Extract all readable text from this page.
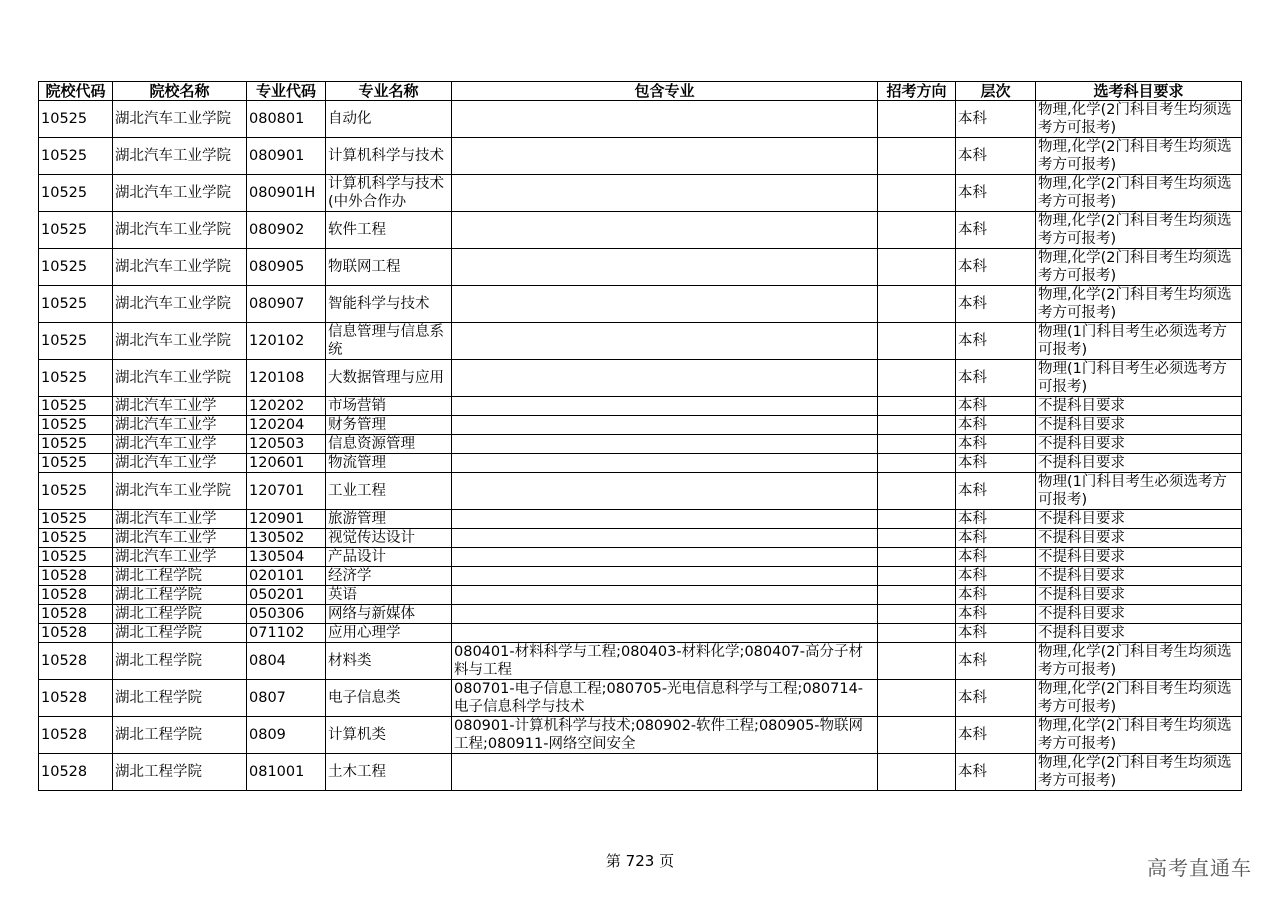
院校代码	院校名称	专业代码	专业名称	包含专业	招考方向	层次	选考科目要求
10525	湖北汽车工业学院	080801	自动化			本科	物理,化学(2门科目考生均须选考方可报考)
10525	湖北汽车工业学院	080901	计算机科学与技术			本科	物理,化学(2门科目考生均须选考方可报考)
10525	湖北汽车工业学院	080901H	计算机科学与技术(中外合作办			本科	物理,化学(2门科目考生均须选考方可报考)
10525	湖北汽车工业学院	080902	软件工程			本科	物理,化学(2门科目考生均须选考方可报考)
10525	湖北汽车工业学院	080905	物联网工程			本科	物理,化学(2门科目考生均须选考方可报考)
10525	湖北汽车工业学院	080907	智能科学与技术			本科	物理,化学(2门科目考生均须选考方可报考)
10525	湖北汽车工业学院	120102	信息管理与信息系统			本科	物理(1门科目考生必须选考方可报考)
10525	湖北汽车工业学院	120108	大数据管理与应用			本科	物理(1门科目考生必须选考方可报考)
10525	湖北汽车工业学	120202	市场营销			本科	不提科目要求
10525	湖北汽车工业学	120204	财务管理			本科	不提科目要求
10525	湖北汽车工业学	120503	信息资源管理			本科	不提科目要求
10525	湖北汽车工业学	120601	物流管理			本科	不提科目要求
10525	湖北汽车工业学院	120701	工业工程			本科	物理(1门科目考生必须选考方可报考)
10525	湖北汽车工业学	120901	旅游管理			本科	不提科目要求
10525	湖北汽车工业学	130502	视觉传达设计			本科	不提科目要求
10525	湖北汽车工业学	130504	产品设计			本科	不提科目要求
10528	湖北工程学院	020101	经济学			本科	不提科目要求
10528	湖北工程学院	050201	英语			本科	不提科目要求
10528	湖北工程学院	050306	网络与新媒体			本科	不提科目要求
10528	湖北工程学院	071102	应用心理学			本科	不提科目要求
10528	湖北工程学院	0804	材料类	080401-材料科学与工程;080403-材料化学;080407-高分子材料与工程		本科	物理,化学(2门科目考生均须选考方可报考)
10528	湖北工程学院	0807	电子信息类	080701-电子信息工程;080705-光电信息科学与工程;080714-电子信息科学与技术		本科	物理,化学(2门科目考生均须选考方可报考)
10528	湖北工程学院	0809	计算机类	080901-计算机科学与技术;080902-软件工程;080905-物联网工程;080911-网络空间安全		本科	物理,化学(2门科目考生均须选考方可报考)
10528	湖北工程学院	081001	土木工程			本科	物理,化学(2门科目考生均须选考方可报考)
第 723 页	高考直通车
